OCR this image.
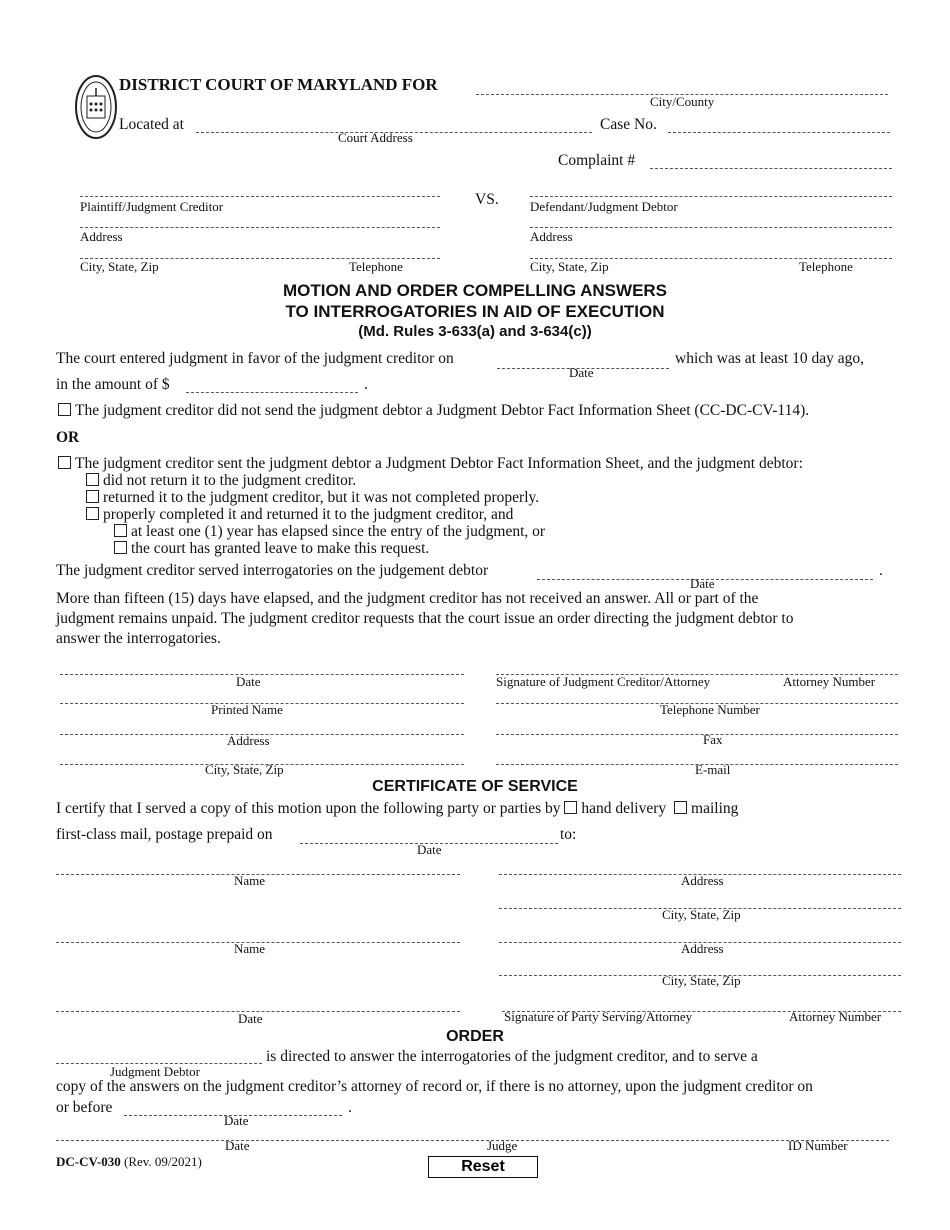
DISTRICT COURT OF MARYLAND FOR
City/County
Located at
Court Address
Case No.
Complaint #
Plaintiff/Judgment Creditor	VS. Defendant/Judgment Debtor
Address	Address
City, State, Zip	Telephone	City, State, Zip	Telephone
MOTION AND ORDER COMPELLING ANSWERS
TO INTERROGATORIES IN AID OF EXECUTION
(Md. Rules 3-633(a) and 3-634(c))
The court entered judgment in favor of the judgment creditor on	which was at least 10 day ago,
Date
in the amount of $	.
The judgment creditor did not send the judgment debtor a Judgment Debtor Fact Information Sheet (CC-DC-CV-114).
OR
The judgment creditor sent the judgment debtor a Judgment Debtor Fact Information Sheet, and the judgment debtor:
did not return it to the judgment creditor.
returned it to the judgment creditor, but it was not completed properly.
properly completed it and returned it to the judgment creditor, and
at least one (1) year has elapsed since the entry of the judgment, or
the court has granted leave to make this request.
The judgment creditor served interrogatories on the judgement debtor	.
Date
More than fifteen (15) days have elapsed, and the judgment creditor has not received an answer. All or part of the
judgment remains unpaid. The judgment creditor requests that the court issue an order directing the judgment debtor to
answer the interrogatories.
Date	Signature of Judgment Creditor/Attorney	Attorney Number
Printed Name	Telephone Number
Address	Fax
City, State, Zip	E-mail
CERTIFICATE OF SERVICE
I certify that I served a copy of this motion upon the following party or parties by hand delivery mailing
first-class mail, postage prepaid on	to:
Date
Name	Address
City, State, Zip
Name	Address
City, State, Zip
Date	Signature of Party Serving/Attorney	Attorney Number
ORDER
is directed to answer the interrogatories of the judgment creditor, and to serve a
Judgment Debtor
copy of the answers on the judgment creditor’s attorney of record or, if there is no attorney, upon the judgment creditor on
or before	.
Date
Date	Judge	ID Number
DC-CV-030 (Rev. 09/2021)	Reset
